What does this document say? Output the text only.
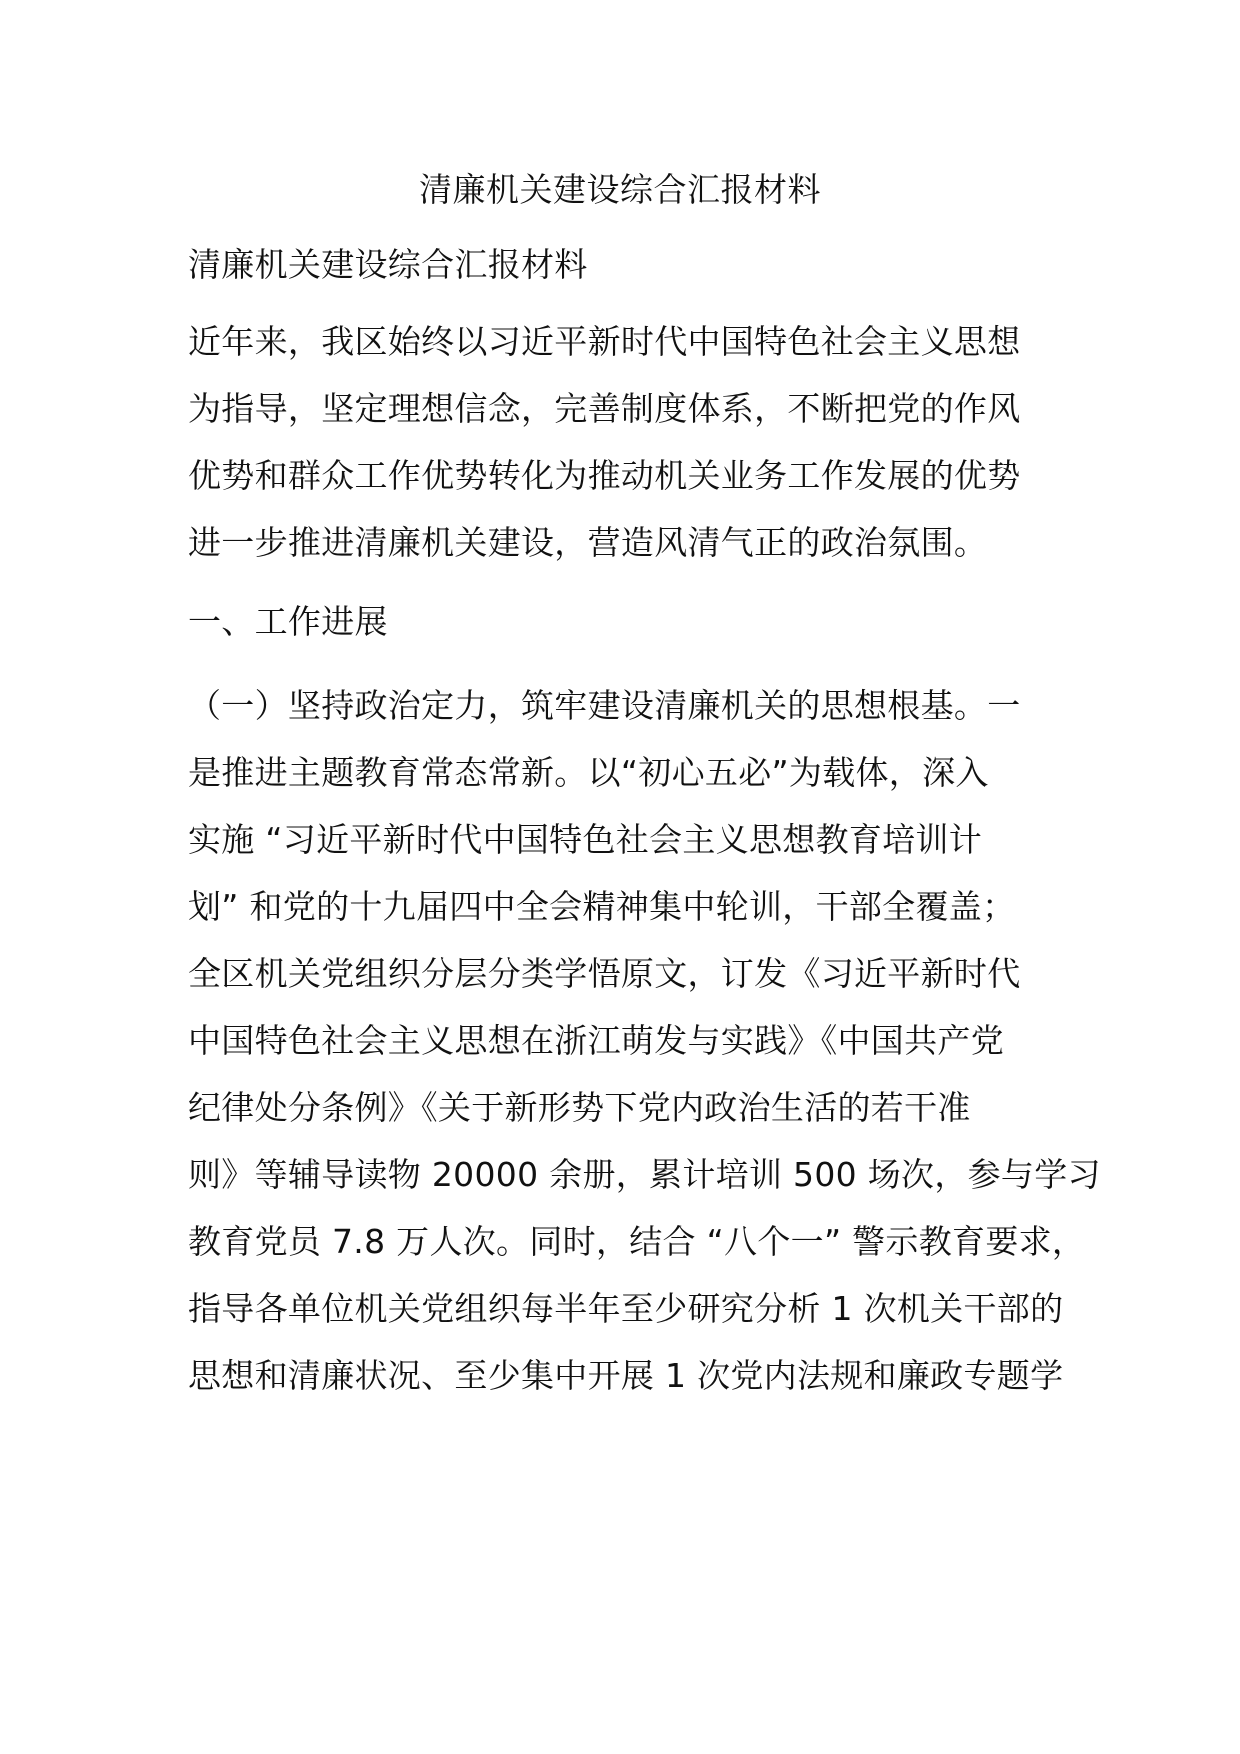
清廉机关建设综合汇报材料
清廉机关建设综合汇报材料
近年来，我区始终以习近平新时代中国特色社会主义思想
为指导，坚定理想信念，完善制度体系，不断把党的作风
优势和群众工作优势转化为推动机关业务工作发展的优势
进一步推进清廉机关建设，营造风清气正的政治氛围。
一、工作进展
（一）坚持政治定力，筑牢建设清廉机关的思想根基。一
是推进主题教育常态常新。以“初心五必”为载体，深入
实施 “习近平新时代中国特色社会主义思想教育培训计
划” 和党的十九届四中全会精神集中轮训，干部全覆盖；
全区机关党组织分层分类学悟原文，订发《习近平新时代
中国特色社会主义思想在浙江萌发与实践》《中国共产党
纪律处分条例》《关于新形势下党内政治生活的若干准
则》等辅导读物 20000 余册，累计培训 500 场次，参与学习
教育党员 7.8 万人次。同时，结合 “八个一” 警示教育要求，
指导各单位机关党组织每半年至少研究分析 1 次机关干部的
思想和清廉状况、至少集中开展 1 次党内法规和廉政专题学
